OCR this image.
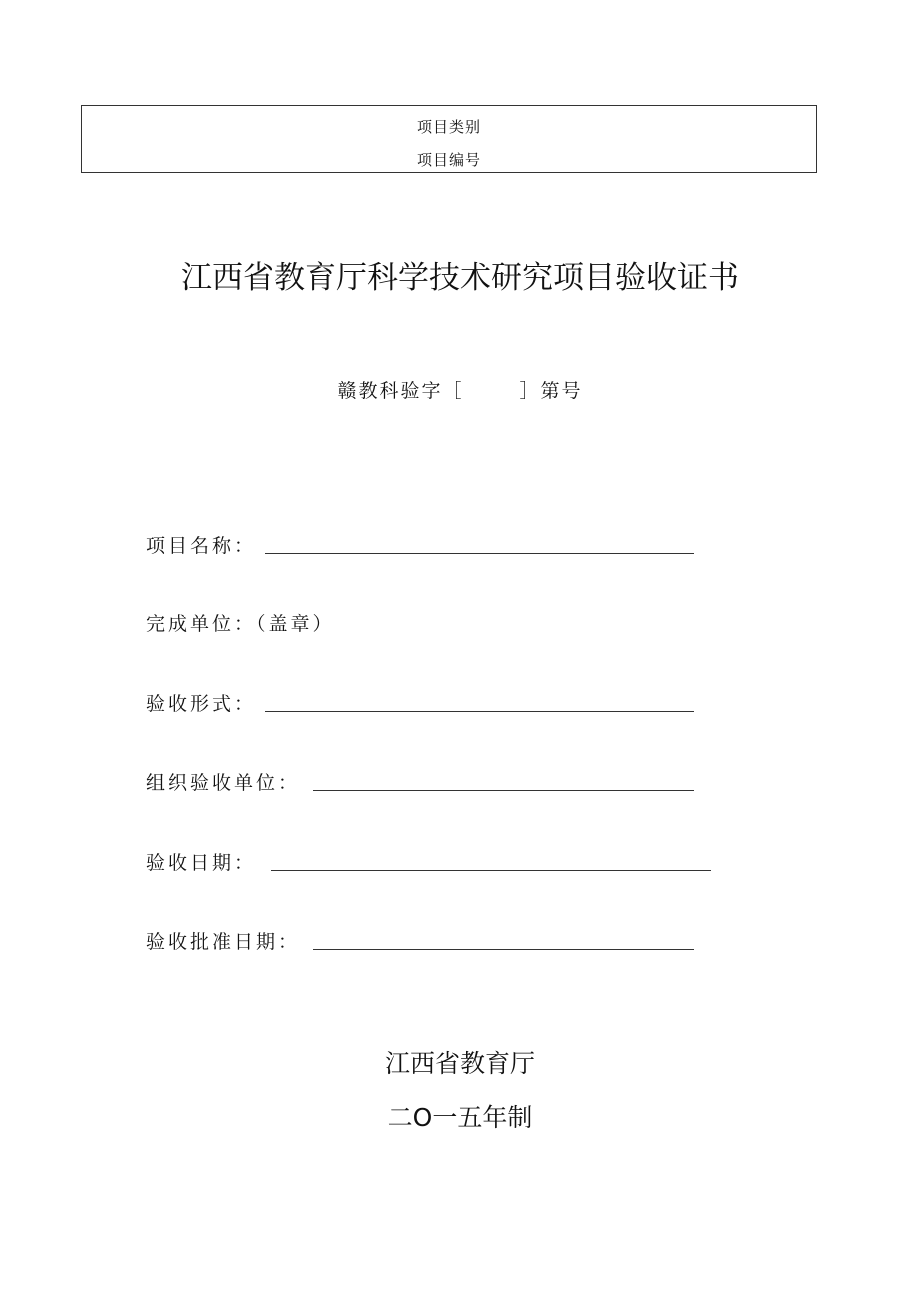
项目类别
项目编号
江西省教育厅科学技术研究项目验收证书
赣教科验字［	］第号
项目名称：
完成单位：（盖章）
验收形式：
组织验收单位：
验收日期：
验收批准日期：
江西省教育厅
二O一五年制
